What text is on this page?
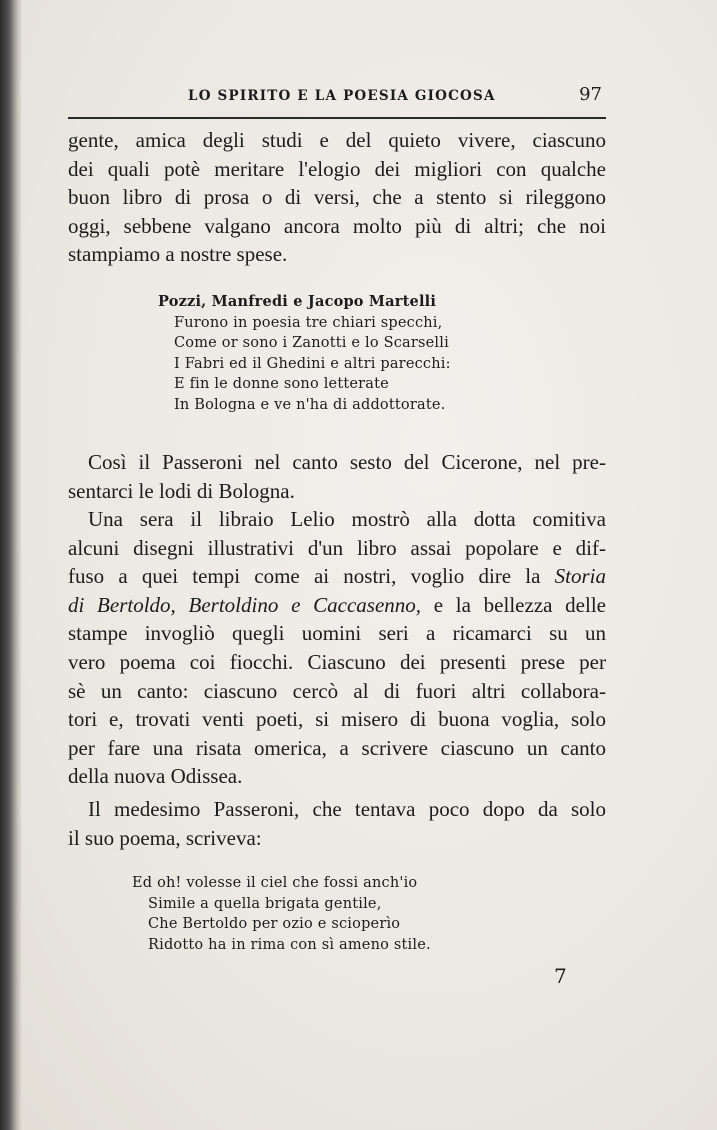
LO SPIRITO E LA POESIA GIOCOSA	97

gente, amica degli studi e del quieto vivere, ciascuno
dei quali potè meritare l'elogio dei migliori con qualche
buon libro di prosa o di versi, che a stento si rileggono
oggi, sebbene valgano ancora molto più di altri; che noi
stampiamo a nostre spese.

Pozzi, Manfredi e Jacopo Martelli
Furono in poesia tre chiari specchi,
Come or sono i Zanotti e lo Scarselli
I Fabri ed il Ghedini e altri parecchi:
E fin le donne sono letterate
In Bologna e ve n'ha di addottorate.

Così il Passeroni nel canto sesto del Cicerone, nel pre-
sentarci le lodi di Bologna.

Una sera il libraio Lelio mostrò alla dotta comitiva
alcuni disegni illustrativi d'un libro assai popolare e dif-
fuso a quei tempi come ai nostri, voglio dire la Storia
di Bertoldo, Bertoldino e Caccasenno, e la bellezza delle
stampe invogliò quegli uomini seri a ricamarci su un
vero poema coi fiocchi. Ciascuno dei presenti prese per
sè un canto: ciascuno cercò al di fuori altri collabora-
tori e, trovati venti poeti, si misero di buona voglia, solo
per fare una risata omerica, a scrivere ciascuno un canto
della nuova Odissea.

Il medesimo Passeroni, che tentava poco dopo da solo
il suo poema, scriveva:

Ed oh! volesse il ciel che fossi anch'io
Simile a quella brigata gentile,
Che Bertoldo per ozio e scioperìo
Ridotto ha in rima con sì ameno stile.
7
